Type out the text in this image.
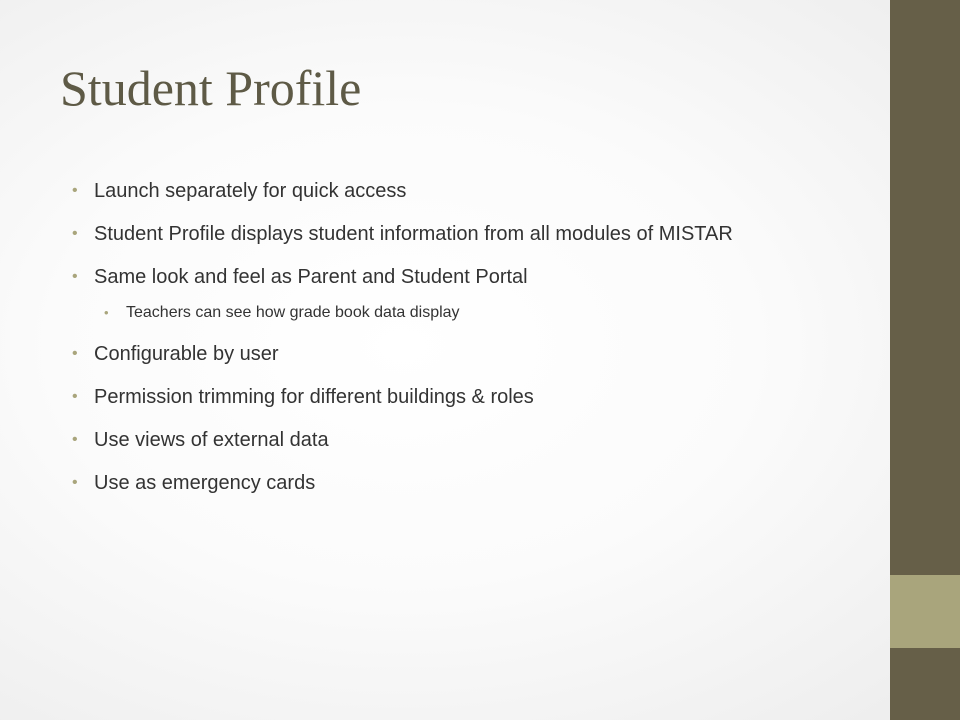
Student Profile
• Launch separately for quick access
• Student Profile displays student information from all modules of MISTAR
• Same look and feel as Parent and Student Portal
• Teachers can see how grade book data display
• Configurable by user
• Permission trimming for different buildings & roles
• Use views of external data
• Use as emergency cards
